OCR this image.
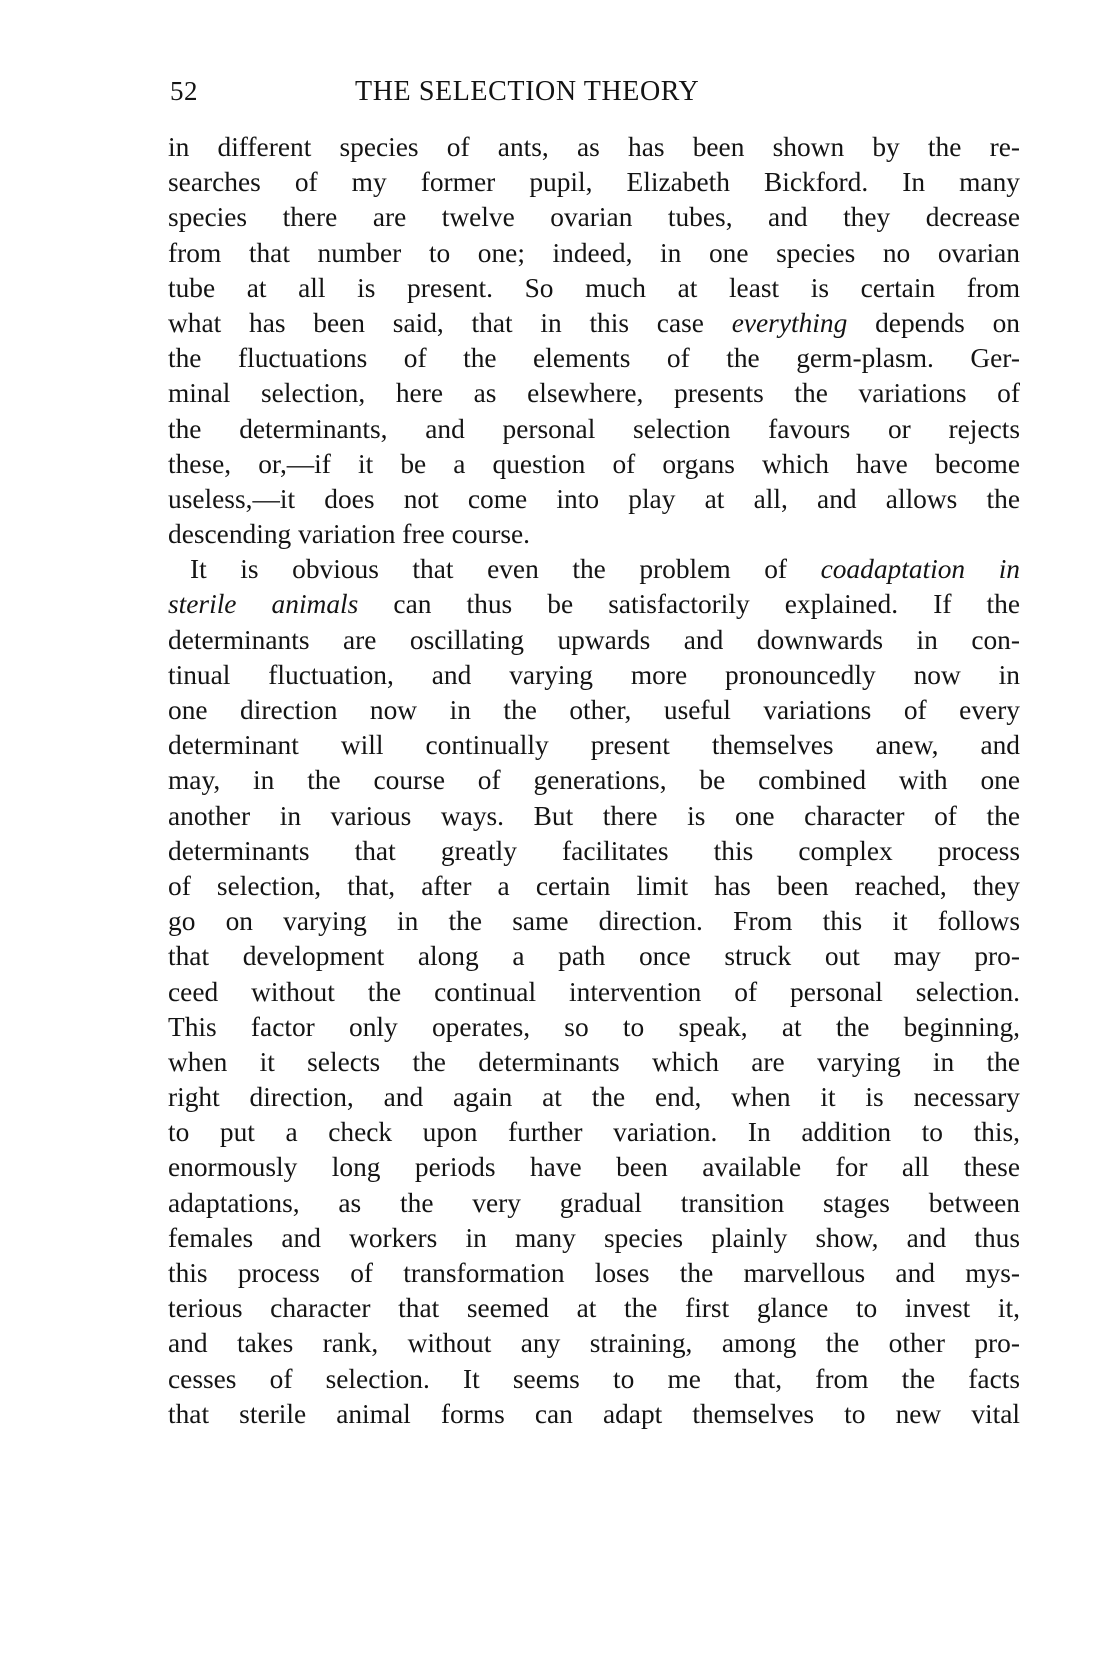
52	THE SELECTION THEORY
in different species of ants, as has been shown by the re-
searches of my former pupil, Elizabeth Bickford. In many
species there are twelve ovarian tubes, and they decrease
from that number to one; indeed, in one species no ovarian
tube at all is present. So much at least is certain from
what has been said, that in this case everything depends on
the fluctuations of the elements of the germ-plasm. Ger-
minal selection, here as elsewhere, presents the variations of
the determinants, and personal selection favours or rejects
these, or,—if it be a question of organs which have become
useless,—it does not come into play at all, and allows the
descending variation free course.
It is obvious that even the problem of coadaptation in
sterile animals can thus be satisfactorily explained. If the
determinants are oscillating upwards and downwards in con-
tinual fluctuation, and varying more pronouncedly now in
one direction now in the other, useful variations of every
determinant will continually present themselves anew, and
may, in the course of generations, be combined with one
another in various ways. But there is one character of the
determinants that greatly facilitates this complex process
of selection, that, after a certain limit has been reached, they
go on varying in the same direction. From this it follows
that development along a path once struck out may pro-
ceed without the continual intervention of personal selection.
This factor only operates, so to speak, at the beginning,
when it selects the determinants which are varying in the
right direction, and again at the end, when it is necessary
to put a check upon further variation. In addition to this,
enormously long periods have been available for all these
adaptations, as the very gradual transition stages between
females and workers in many species plainly show, and thus
this process of transformation loses the marvellous and mys-
terious character that seemed at the first glance to invest it,
and takes rank, without any straining, among the other pro-
cesses of selection. It seems to me that, from the facts
that sterile animal forms can adapt themselves to new vital
